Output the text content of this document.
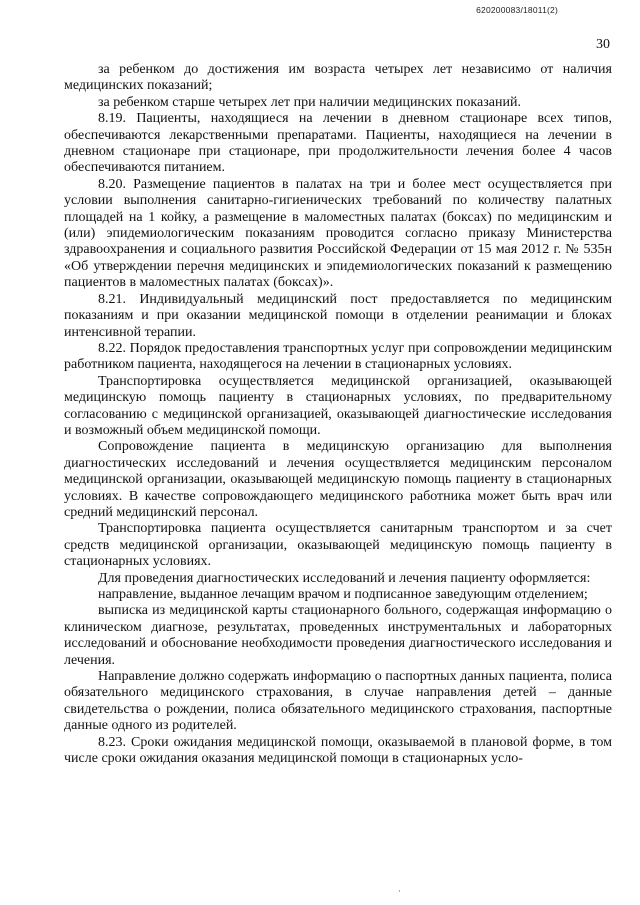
620200083/18011(2)
30

за ребенком до достижения им возраста четырех лет независимо от наличия медицинских показаний;

за ребенком старше четырех лет при наличии медицинских показаний.

8.19. Пациенты, находящиеся на лечении в дневном стационаре всех типов, обеспечиваются лекарственными препаратами. Пациенты, находящиеся на лечении в дневном стационаре при стационаре, при продолжительности лечения более 4 часов обеспечиваются питанием.

8.20. Размещение пациентов в палатах на три и более мест осуществляется при условии выполнения санитарно-гигиенических требований по количеству палатных площадей на 1 койку, а размещение в маломестных палатах (боксах) по медицинским и (или) эпидемиологическим показаниям проводится согласно приказу Министерства здравоохранения и социального развития Российской Федерации от 15 мая 2012 г. № 535н «Об утверждении перечня медицинских и эпидемиологических показаний к размещению пациентов в маломестных палатах (боксах)».

8.21. Индивидуальный медицинский пост предоставляется по медицинским показаниям и при оказании медицинской помощи в отделении реанимации и блоках интенсивной терапии.

8.22. Порядок предоставления транспортных услуг при сопровождении медицинским работником пациента, находящегося на лечении в стационарных условиях.

Транспортировка осуществляется медицинской организацией, оказывающей медицинскую помощь пациенту в стационарных условиях, по предварительному согласованию с медицинской организацией, оказывающей диагностические исследования и возможный объем медицинской помощи.

Сопровождение пациента в медицинскую организацию для выполнения диагностических исследований и лечения осуществляется медицинским персоналом медицинской организации, оказывающей медицинскую помощь пациенту в стационарных условиях. В качестве сопровождающего медицинского работника может быть врач или средний медицинский персонал.

Транспортировка пациента осуществляется санитарным транспортом и за счет средств медицинской организации, оказывающей медицинскую помощь пациенту в стационарных условиях.

Для проведения диагностических исследований и лечения пациенту оформляется:

направление, выданное лечащим врачом и подписанное заведующим отделением;

выписка из медицинской карты стационарного больного, содержащая информацию о клиническом диагнозе, результатах, проведенных инструментальных и лабораторных исследований и обоснование необходимости проведения диагностического исследования и лечения.

Направление должно содержать информацию о паспортных данных пациента, полиса обязательного медицинского страхования, в случае направления детей – данные свидетельства о рождении, полиса обязательного медицинского страхования, паспортные данные одного из родителей.

8.23. Сроки ожидания медицинской помощи, оказываемой в плановой форме, в том числе сроки ожидания оказания медицинской помощи в стационарных усло-

·
